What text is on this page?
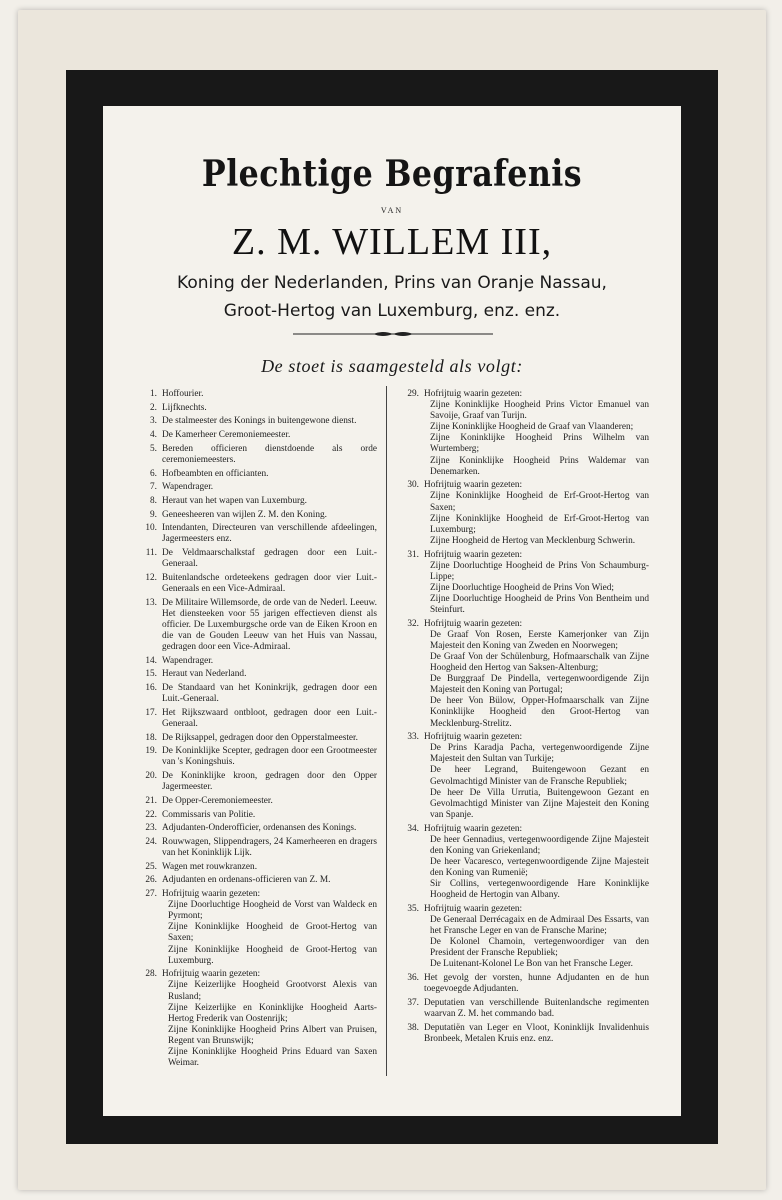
Plechtige Begrafenis
VAN
Z. M. WILLEM III,
Koning der Nederlanden, Prins van Oranje Nassau,
Groot-Hertog van Luxemburg, enz. enz.
De stoet is saamgesteld als volgt:
1. Hoffourier.
2. Lijfknechts.
3. De stalmeester des Konings in buitengewone dienst.
4. De Kamerheer Ceremoniemeester.
5. Bereden officieren dienstdoende als orde ceremoniemeesters.
6. Hofbeambten en officianten.
7. Wapendrager.
8. Heraut van het wapen van Luxemburg.
9. Geneesheeren van wijlen Z. M. den Koning.
10. Intendanten, Directeuren van verschillende afdeelingen, Jagermeesters enz.
11. De Veldmaarschalkstaf gedragen door een Luit.-Generaal.
12. Buitenlandsche ordeteekens gedragen door vier Luit.-Generaals en een Vice-Admiraal.
13. De Militaire Willemsorde, de orde van de Nederl. Leeuw. Het diensteeken voor 55 jarigen effectieven dienst als officier. De Luxemburgsche orde van de Eiken Kroon en die van de Gouden Leeuw van het Huis van Nassau, gedragen door een Vice-Admiraal.
14. Wapendrager.
15. Heraut van Nederland.
16. De Standaard van het Koninkrijk, gedragen door een Luit.-Generaal.
17. Het Rijkszwaard ontbloot, gedragen door een Luit.-Generaal.
18. De Rijksappel, gedragen door den Opperstalmeester.
19. De Koninklijke Scepter, gedragen door een Grootmeester van 's Koningshuis.
20. De Koninklijke kroon, gedragen door den Opper Jagermeester.
21. De Opper-Ceremoniemeester.
22. Commissaris van Politie.
23. Adjudanten-Onderofficier, ordenansen des Konings.
24. Rouwwagen, Slippendragers, 24 Kamerheeren en dragers van het Koninklijk Lijk.
25. Wagen met rouwkranzen.
26. Adjudanten en ordenans-officieren van Z. M.
27. Hofrijtuig waarin gezeten:
Zijne Doorluchtige Hoogheid de Vorst van Waldeck en Pyrmont;
Zijne Koninklijke Hoogheid de Groot-Hertog van Saxen;
Zijne Koninklijke Hoogheid de Groot-Hertog van Luxemburg.
28. Hofrijtuig waarin gezeten:
Zijne Keizerlijke Hoogheid Grootvorst Alexis van Rusland;
Zijne Keizerlijke en Koninklijke Hoogheid Aarts-Hertog Frederik van Oostenrijk;
Zijne Koninklijke Hoogheid Prins Albert van Pruisen, Regent van Brunswijk;
Zijne Koninklijke Hoogheid Prins Eduard van Saxen Weimar.
29. Hofrijtuig waarin gezeten:
Zijne Koninklijke Hoogheid Prins Victor Emanuel van Savoije, Graaf van Turijn.
Zijne Koninklijke Hoogheid de Graaf van Vlaanderen;
Zijne Koninklijke Hoogheid Prins Wilhelm van Wurtemberg;
Zijne Koninklijke Hoogheid Prins Waldemar van Denemarken.
30. Hofrijtuig waarin gezeten:
Zijne Koninklijke Hoogheid de Erf-Groot-Hertog van Saxen;
Zijne Koninklijke Hoogheid de Erf-Groot-Hertog van Luxemburg;
Zijne Hoogheid de Hertog van Mecklenburg Schwerin.
31. Hofrijtuig waarin gezeten:
Zijne Doorluchtige Hoogheid de Prins Von Schaumburg-Lippe;
Zijne Doorluchtige Hoogheid de Prins Von Wied;
Zijne Doorluchtige Hoogheid de Prins Von Bentheim und Steinfurt.
32. Hofrijtuig waarin gezeten:
De Graaf Von Rosen, Eerste Kamerjonker van Zijn Majesteit den Koning van Zweden en Noorwegen;
De Graaf Von der Schülenburg, Hofmaarschalk van Zijne Hoogheid den Hertog van Saksen-Altenburg;
De Burggraaf De Pindella, vertegenwoordigende Zijn Majesteit den Koning van Portugal;
De heer Von Bülow, Opper-Hofmaarschalk van Zijne Koninklijke Hoogheid den Groot-Hertog van Mecklenburg-Strelitz.
33. Hofrijtuig waarin gezeten:
De Prins Karadja Pacha, vertegenwoordigende Zijne Majesteit den Sultan van Turkije;
De heer Legrand, Buitengewoon Gezant en Gevolmachtigd Minister van de Fransche Republiek;
De heer De Villa Urrutia, Buitengewoon Gezant en Gevolmachtigd Minister van Zijne Majesteit den Koning van Spanje.
34. Hofrijtuig waarin gezeten:
De heer Gennadius, vertegenwoordigende Zijne Majesteit den Koning van Griekenland;
De heer Vacaresco, vertegenwoordigende Zijne Majesteit den Koning van Rumenië;
Sir Collins, vertegenwoordigende Hare Koninklijke Hoogheid de Hertogin van Albany.
35. Hofrijtuig waarin gezeten:
De Generaal Derrécagaix en de Admiraal Des Essarts, van het Fransche Leger en van de Fransche Marine;
De Kolonel Chamoin, vertegenwoordiger van den President der Fransche Republiek;
De Luitenant-Kolonel Le Bon van het Fransche Leger.
36. Het gevolg der vorsten, hunne Adjudanten en de hun toegevoegde Adjudanten.
37. Deputatien van verschillende Buitenlandsche regimenten waarvan Z. M. het commando bad.
38. Deputatiën van Leger en Vloot, Koninklijk Invalidenhuis Bronbeek, Metalen Kruis enz. enz.
